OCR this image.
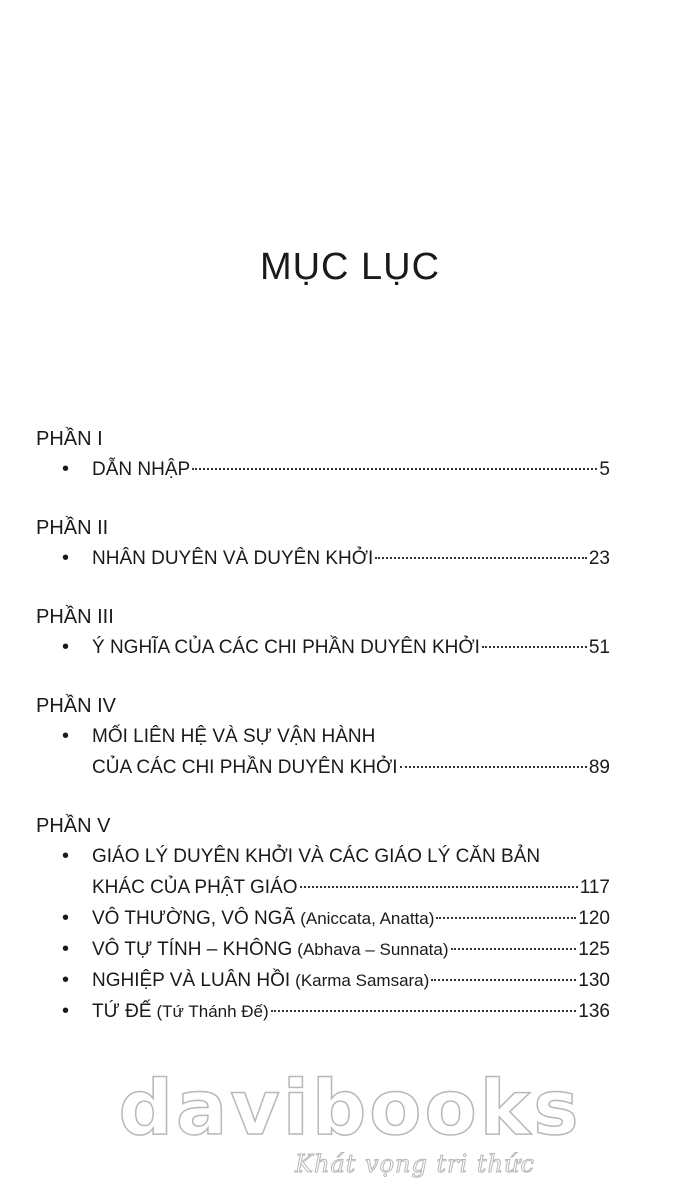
MỤC LỤC
PHẦN I
•	DẪN NHẬP	5
PHẦN II
•	NHÂN DUYÊN VÀ DUYÊN KHỞI	23
PHẦN III
•	Ý NGHĨA CỦA CÁC CHI PHẦN DUYÊN KHỞI	51
PHẦN IV
•	MỐI LIÊN HỆ VÀ SỰ VẬN HÀNH
CỦA CÁC CHI PHẦN DUYÊN KHỞI	89
PHẦN V
•	GIÁO LÝ DUYÊN KHỞI VÀ CÁC GIÁO LÝ CĂN BẢN
KHÁC CỦA PHẬT GIÁO	117
•	VÔ THƯỜNG, VÔ NGÃ (Aniccata, Anatta)	120
•	VÔ TỰ TÍNH – KHÔNG (Abhava – Sunnata)	125
•	NGHIỆP VÀ LUÂN HỒI (Karma Samsara)	130
•	TỨ ĐẾ (Tứ Thánh Đế)	136
davibooks
Khát vọng tri thức
